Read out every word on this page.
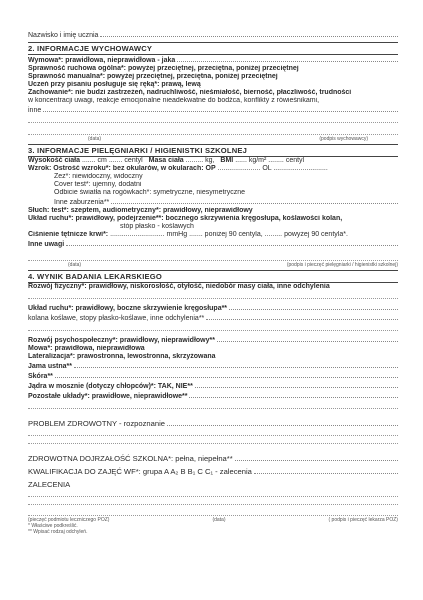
Nazwisko i imię ucznia
2. INFORMACJE WYCHOWAWCY
Wymowa*: prawidłowa, nieprawidłowa - jaka
Sprawność ruchowa ogólna*: powyżej przeciętnej, przeciętna, poniżej przeciętnej
Sprawność manualna*: powyżej przeciętnej, przeciętna, poniżej przeciętnej
Uczeń przy pisaniu posługuje się ręką*: prawą, lewą
Zachowanie*: nie budzi zastrzeżeń, nadruchliwość, nieśmiałość, bierność, płaczliwość, trudności
w koncentracji uwagi, reakcje emocjonalne nieadekwatne do bodźca, konflikty z rówieśnikami,
inne
(data)	(podpis wychowawcy)
3. INFORMACJE PIELĘGNIARKI / HIGIENISTKI SZKOLNEJ
Wysokość ciała ....... cm ....... centyl Masa ciała ......... kg, BMI ...... kg/m² ........ centyl
Wzrok: Ostrość wzroku*: bez okularów, w okularach: OP ...................... OL ............................
Zez*: niewidoczny, widoczny
Cover test*: ujemny, dodatni
Odbicie światła na rogówkach*: symetryczne, niesymetryczne
Inne zaburzenia**
Słuch: test*: szeptem, audiometryczny*: prawidłowy, nieprawidłowy
Układ ruchu*: prawidłowy, podejrzenie**: bocznego skrzywienia kręgosłupa, koślawości kolan,
stóp płasko - koślawych
Ciśnienie tętnicze krwi*: ............................ mmHg ....... poniżej 90 centyla, ......... powyżej 90 centyla*.
Inne uwagi
(data)	(podpis i pieczęć pielęgniarki / higienistki szkolnej)
4. WYNIK BADANIA LEKARSKIEGO
Rozwój fizyczny*: prawidłowy, niskorosłość, otyłość, niedobór masy ciała, inne odchylenia
Układ ruchu*: prawidłowy, boczne skrzywienie kręgosłupa**
kolana koślawe, stopy płasko-koślawe, inne odchylenia**
Rozwój psychospołeczny*: prawidłowy, nieprawidłowy**
Mowa*: prawidłowa, nieprawidłowa
Lateralizacja*: prawostronna, lewostronna, skrzyżowana
Jama ustna**
Skóra**
Jądra w mosznie (dotyczy chłopców)*: TAK, NIE**
Pozostałe układy*: prawidłowe, nieprawidłowe**
PROBLEM ZDROWOTNY - rozpoznanie
ZDROWOTNA DOJRZAŁOŚĆ SZKOLNA*: pełna, niepełna**
KWALIFIKACJA DO ZAJĘĆ WF*: grupa A A₂ B B₁ C C₁ - zalecenia
ZALECENIA
(pieczęć podmiotu leczniczego POZ)	(data)	( podpis i pieczęć lekarza POZ)
* Właściwe podkreślić.
** Wpisać rodzaj odchyleń.
